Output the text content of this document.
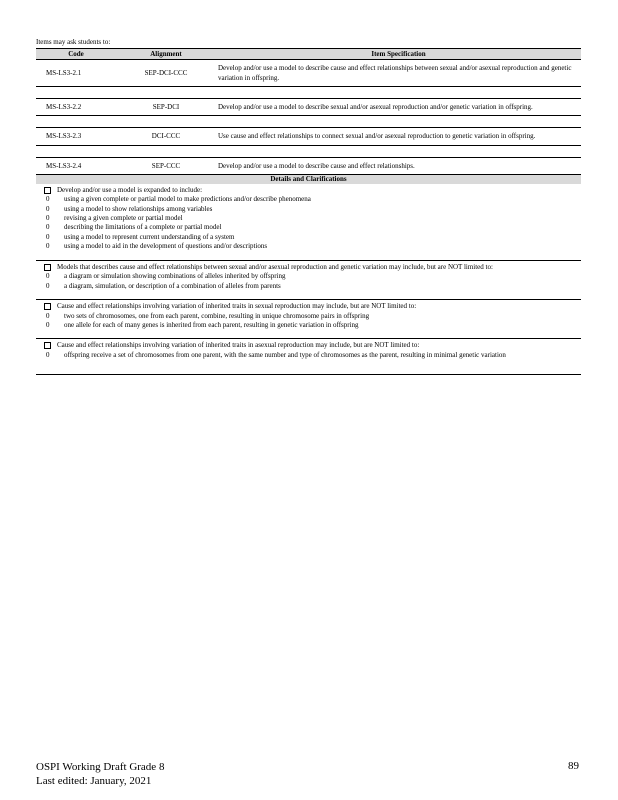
Items may ask students to:
Code	Alignment	Item Specification
MS-LS3-2.1	SEP-DCI-CCC	Develop and/or use a model to describe cause and effect relationships between sexual and/or asexual reproduction and genetic variation in offspring.

MS-LS3-2.2	SEP-DCI	Develop and/or use a model to describe sexual and/or asexual reproduction and/or genetic variation in offspring.

MS-LS3-2.3	DCI-CCC	Use cause and effect relationships to connect sexual and/or asexual reproduction to genetic variation in offspring.

MS-LS3-2.4	SEP-CCC	Develop and/or use a model to describe cause and effect relationships.
Details and Clarifications
Develop and/or use a model is expanded to include:
0	using a given complete or partial model to make predictions and/or describe phenomena
0	using a model to show relationships among variables
0	revising a given complete or partial model
0	describing the limitations of a complete or partial model
0	using a model to represent current understanding of a system
0	using a model to aid in the development of questions and/or descriptions
Models that describes cause and effect relationships between sexual and/or asexual reproduction and genetic variation may include, but are NOT limited to:
0	a diagram or simulation showing combinations of alleles inherited by offspring
0	a diagram, simulation, or description of a combination of alleles from parents
Cause and effect relationships involving variation of inherited traits in sexual reproduction may include, but are NOT limited to:
0	two sets of chromosomes, one from each parent, combine, resulting in unique chromosome pairs in offspring
0	one allele for each of many genes is inherited from each parent, resulting in genetic variation in offspring
Cause and effect relationships involving variation of inherited traits in asexual reproduction may include, but are NOT limited to:
0	offspring receive a set of chromosomes from one parent, with the same number and type of chromosomes as the parent, resulting in minimal genetic variation
OSPI Working Draft Grade 8
Last edited: January, 2021
89
